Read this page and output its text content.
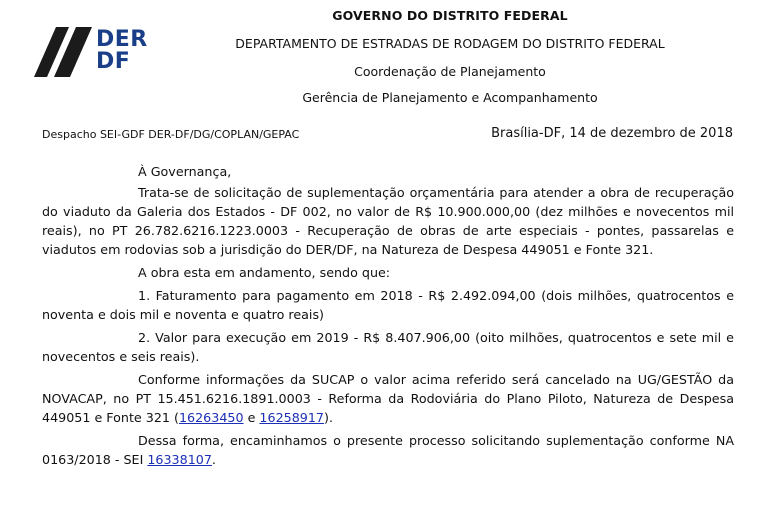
DER
DF
GOVERNO DO DISTRITO FEDERAL
DEPARTAMENTO DE ESTRADAS DE RODAGEM DO DISTRITO FEDERAL
Coordenação de Planejamento
Gerência de Planejamento e Acompanhamento
Despacho SEI-GDF DER-DF/DG/COPLAN/GEPAC	Brasília-DF, 14 de dezembro de 2018

À Governança,

Trata-se de solicitação de suplementação orçamentária para atender a obra de recuperação do viaduto da Galeria dos Estados - DF 002, no valor de R$ 10.900.000,00 (dez milhões e novecentos mil reais), no PT 26.782.6216.1223.0003 - Recuperação de obras de arte especiais - pontes, passarelas e viadutos em rodovias sob a jurisdição do DER/DF, na Natureza de Despesa 449051 e Fonte 321.

A obra esta em andamento, sendo que:

1. Faturamento para pagamento em 2018 - R$ 2.492.094,00 (dois milhões, quatrocentos e noventa e dois mil e noventa e quatro reais)

2. Valor para execução em 2019 - R$ 8.407.906,00 (oito milhões, quatrocentos e sete mil e novecentos e seis reais).

Conforme informações da SUCAP o valor acima referido será cancelado na UG/GESTÃO da NOVACAP, no PT 15.451.6216.1891.0003 - Reforma da Rodoviária do Plano Piloto, Natureza de Despesa 449051 e Fonte 321 (16263450 e 16258917).

Dessa forma, encaminhamos o presente processo solicitando suplementação conforme NA 0163/2018 - SEI 16338107.
